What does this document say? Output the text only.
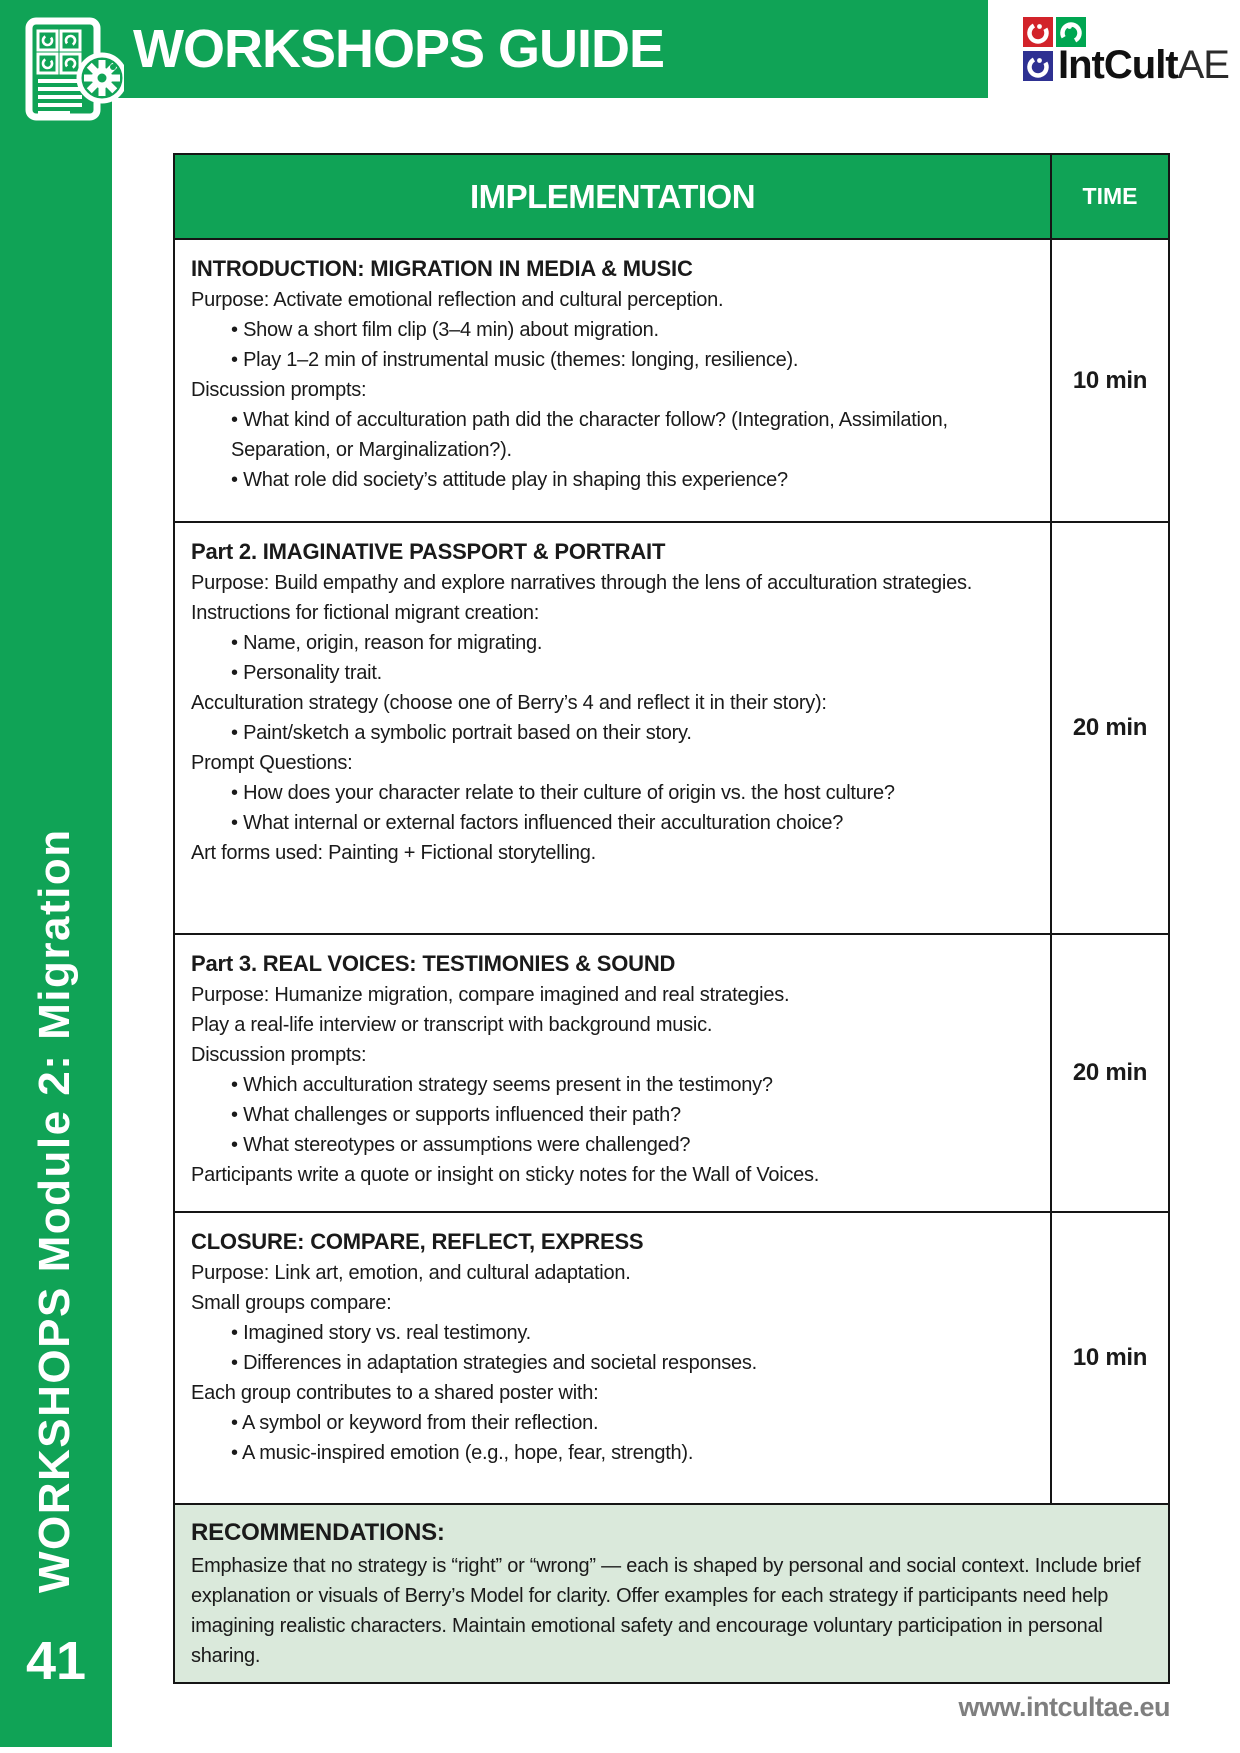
WORKSHOPS Module 2: Migration
41
WORKSHOPS GUIDE	IntCultAE
IMPLEMENTATION	TIME
INTRODUCTION: MIGRATION IN MEDIA & MUSIC
Purpose: Activate emotional reflection and cultural perception.
• Show a short film clip (3–4 min) about migration.
• Play 1–2 min of instrumental music (themes: longing, resilience).
Discussion prompts:
• What kind of acculturation path did the character follow? (Integration, Assimilation, Separation, or Marginalization?).
• What role did society’s attitude play in shaping this experience?
10 min
Part 2. IMAGINATIVE PASSPORT & PORTRAIT
Purpose: Build empathy and explore narratives through the lens of acculturation strategies.
Instructions for fictional migrant creation:
• Name, origin, reason for migrating.
• Personality trait.
Acculturation strategy (choose one of Berry’s 4 and reflect it in their story):
• Paint/sketch a symbolic portrait based on their story.
Prompt Questions:
• How does your character relate to their culture of origin vs. the host culture?
• What internal or external factors influenced their acculturation choice?
Art forms used: Painting + Fictional storytelling.
20 min
Part 3. REAL VOICES: TESTIMONIES & SOUND
Purpose: Humanize migration, compare imagined and real strategies.
Play a real-life interview or transcript with background music.
Discussion prompts:
• Which acculturation strategy seems present in the testimony?
• What challenges or supports influenced their path?
• What stereotypes or assumptions were challenged?
Participants write a quote or insight on sticky notes for the Wall of Voices.
20 min
CLOSURE: COMPARE, REFLECT, EXPRESS
Purpose: Link art, emotion, and cultural adaptation.
Small groups compare:
• Imagined story vs. real testimony.
• Differences in adaptation strategies and societal responses.
Each group contributes to a shared poster with:
• A symbol or keyword from their reflection.
• A music-inspired emotion (e.g., hope, fear, strength).
10 min
RECOMMENDATIONS:
Emphasize that no strategy is “right” or “wrong” — each is shaped by personal and social context. Include brief explanation or visuals of Berry’s Model for clarity. Offer examples for each strategy if participants need help imagining realistic characters. Maintain emotional safety and encourage voluntary participation in personal sharing.
www.intcultae.eu
